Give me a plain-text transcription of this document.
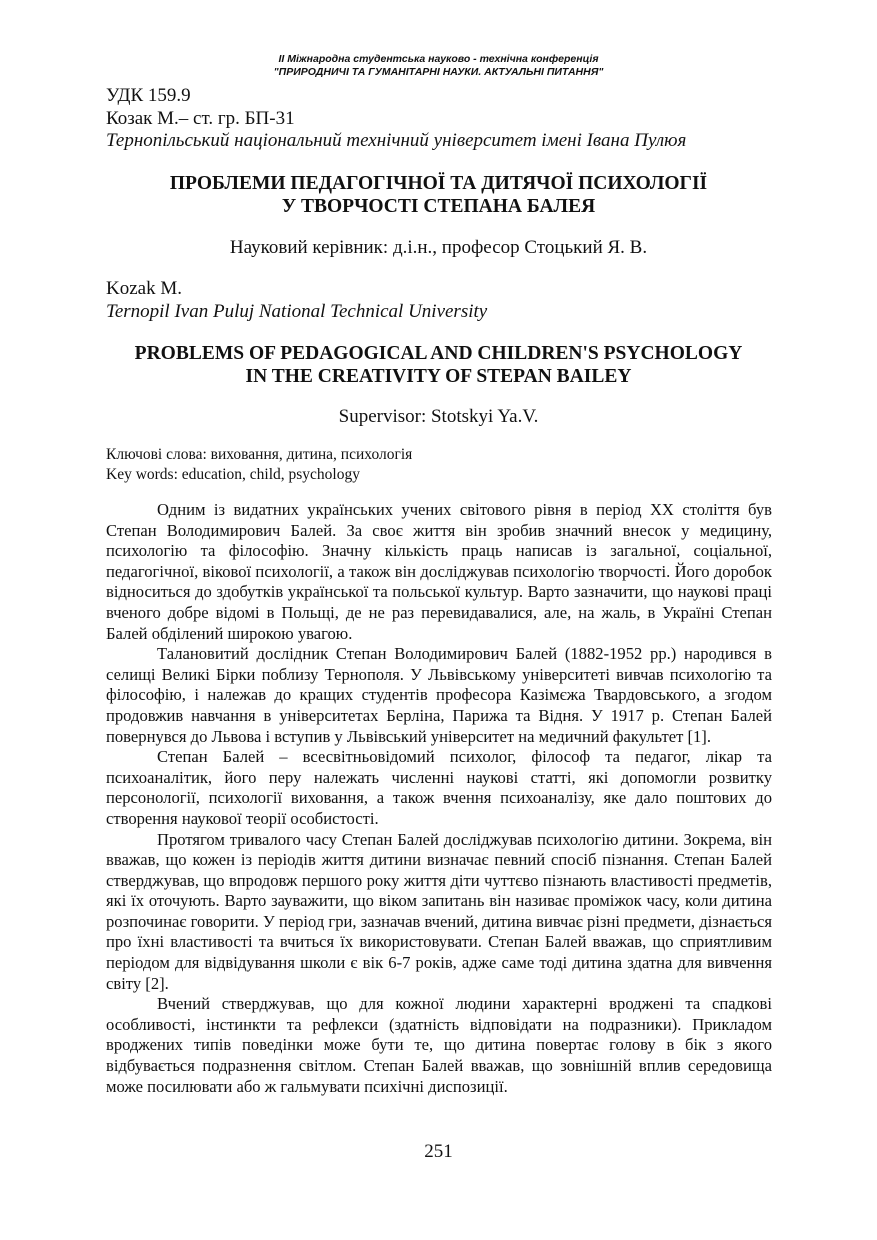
II Міжнародна студентська науково - технічна конференція
"ПРИРОДНИЧІ ТА ГУМАНІТАРНІ НАУКИ. АКТУАЛЬНІ ПИТАННЯ"
УДК 159.9
Козак М.– ст. гр. БП-31
Тернопільський національний технічний університет імені Івана Пулюя
ПРОБЛЕМИ ПЕДАГОГІЧНОЇ ТА ДИТЯЧОЇ ПСИХОЛОГІЇ
У ТВОРЧОСТІ СТЕПАНА БАЛЕЯ
Науковий керівник: д.і.н., професор Стоцький Я. В.
Kozak M.
Ternopil Ivan Puluj National Technical University
PROBLEMS OF PEDAGOGICAL AND CHILDREN'S PSYCHOLOGY
IN THE CREATIVITY OF STEPAN BAILEY
Supervisor: Stotskyi Ya.V.
Ключові слова: виховання, дитина, психологія
Key words: education, child, psychology

Одним із видатних українських учених світового рівня в період XX століття був Степан Володимирович Балей. За своє життя він зробив значний внесок у медицину, психологію та філософію. Значну кількість праць написав із загальної, соціальної, педагогічної, вікової психології, а також він досліджував психологію творчості. Його доробок відноситься до здобутків української та польської культур. Варто зазначити, що наукові праці вченого добре відомі в Польщі, де не раз перевидавалися, але, на жаль, в Україні Степан Балей обділений широкою увагою.

Талановитий дослідник Степан Володимирович Балей (1882-1952 рр.) народився в селищі Великі Бірки поблизу Тернополя. У Львівському університеті вивчав психологію та філософію, і належав до кращих студентів професора Казімєжа Твардовського, а згодом продовжив навчання в університетах Берліна, Парижа та Відня. У 1917 р. Степан Балей повернувся до Львова і вступив у Львівський університет на медичний факультет [1].

Степан Балей – всесвітньовідомий психолог, філософ та педагог, лікар та психоаналітик, його перу належать численні наукові статті, які допомогли розвитку персонології, психології виховання, а також вчення психоаналізу, яке дало поштових до створення наукової теорії особистості.

Протягом тривалого часу Степан Балей досліджував психологію дитини. Зокрема, він вважав, що кожен із періодів життя дитини визначає певний спосіб пізнання. Степан Балей стверджував, що впродовж першого року життя діти чуттєво пізнають властивості предметів, які їх оточують. Варто зауважити, що віком запитань він називає проміжок часу, коли дитина розпочинає говорити. У період гри, зазначав вчений, дитина вивчає різні предмети, дізнається про їхні властивості та вчиться їх використовувати. Степан Балей вважав, що сприятливим періодом для відвідування школи є вік 6-7 років, адже саме тоді дитина здатна для вивчення світу [2].

Вчений стверджував, що для кожної людини характерні вроджені та спадкові особливості, інстинкти та рефлекси (здатність відповідати на подразники). Прикладом вроджених типів поведінки може бути те, що дитина повертає голову в бік з якого відбувається подразнення світлом. Степан Балей вважав, що зовнішній вплив середовища може посилювати або ж гальмувати психічні диспозиції.

251
